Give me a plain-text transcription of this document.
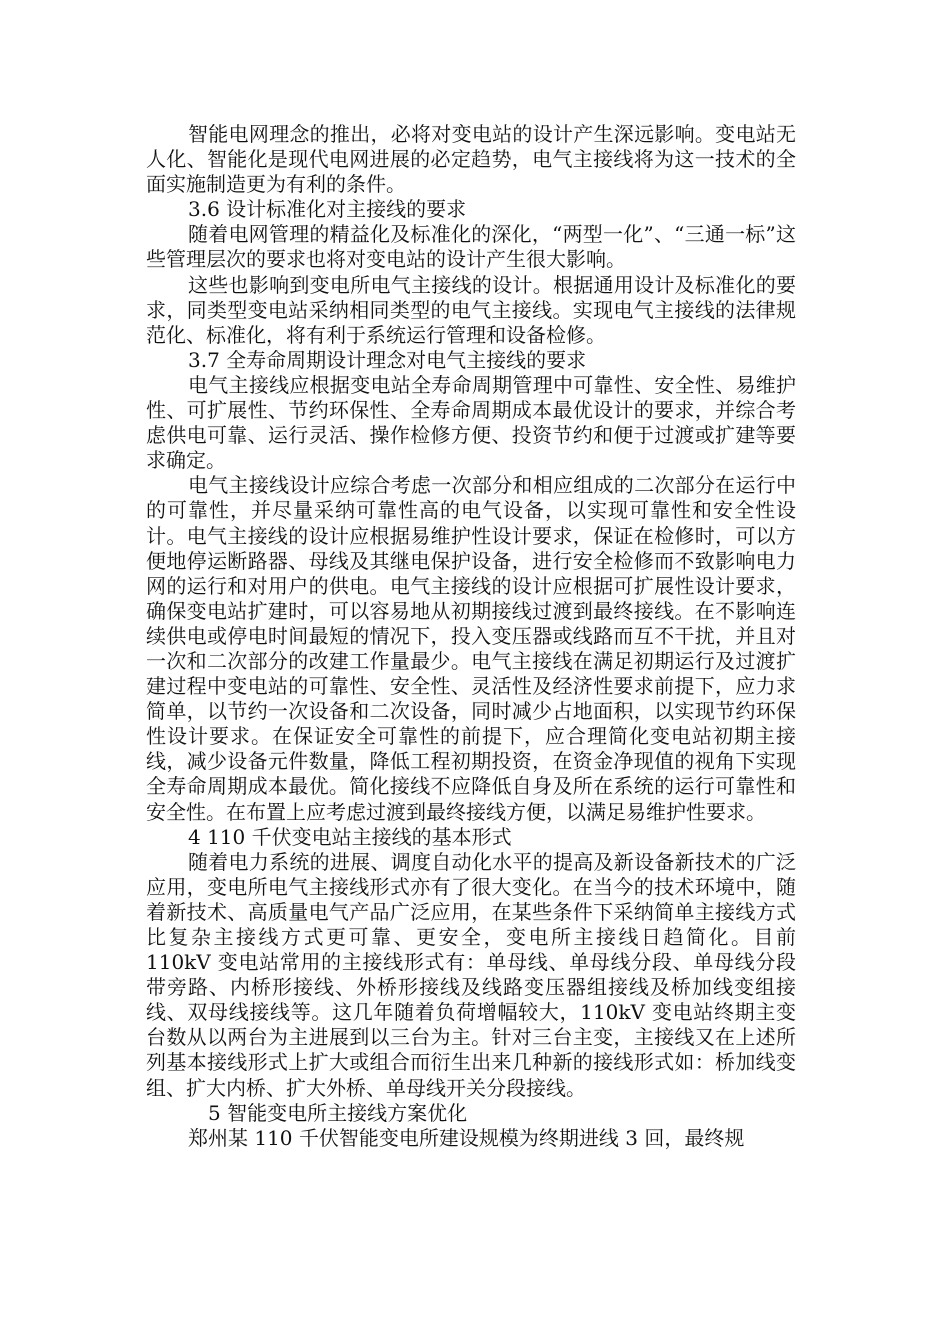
智能电网理念的推出，必将对变电站的设计产生深远影响。变电站无人化、智能化是现代电网进展的必定趋势，电气主接线将为这一技术的全面实施制造更为有利的条件。

3.6 设计标准化对主接线的要求

随着电网管理的精益化及标准化的深化，“两型一化”、“三通一标”这些管理层次的要求也将对变电站的设计产生很大影响。

这些也影响到变电所电气主接线的设计。根据通用设计及标准化的要求，同类型变电站采纳相同类型的电气主接线。实现电气主接线的法律规范化、标准化，将有利于系统运行管理和设备检修。

3.7 全寿命周期设计理念对电气主接线的要求

电气主接线应根据变电站全寿命周期管理中可靠性、安全性、易维护性、可扩展性、节约环保性、全寿命周期成本最优设计的要求，并综合考虑供电可靠、运行灵活、操作检修方便、投资节约和便于过渡或扩建等要求确定。

电气主接线设计应综合考虑一次部分和相应组成的二次部分在运行中的可靠性，并尽量采纳可靠性高的电气设备，以实现可靠性和安全性设计。电气主接线的设计应根据易维护性设计要求，保证在检修时，可以方便地停运断路器、母线及其继电保护设备，进行安全检修而不致影响电力网的运行和对用户的供电。电气主接线的设计应根据可扩展性设计要求，确保变电站扩建时，可以容易地从初期接线过渡到最终接线。在不影响连续供电或停电时间最短的情况下，投入变压器或线路而互不干扰，并且对一次和二次部分的改建工作量最少。电气主接线在满足初期运行及过渡扩建过程中变电站的可靠性、安全性、灵活性及经济性要求前提下，应力求简单，以节约一次设备和二次设备，同时减少占地面积，以实现节约环保性设计要求。在保证安全可靠性的前提下，应合理简化变电站初期主接线，减少设备元件数量，降低工程初期投资，在资金净现值的视角下实现全寿命周期成本最优。简化接线不应降低自身及所在系统的运行可靠性和安全性。在布置上应考虑过渡到最终接线方便，以满足易维护性要求。

4 110 千伏变电站主接线的基本形式

随着电力系统的进展、调度自动化水平的提高及新设备新技术的广泛应用，变电所电气主接线形式亦有了很大变化。在当今的技术环境中，随着新技术、高质量电气产品广泛应用，在某些条件下采纳简单主接线方式比复杂主接线方式更可靠、更安全，变电所主接线日趋简化。目前 110kV 变电站常用的主接线形式有：单母线、单母线分段、单母线分段带旁路、内桥形接线、外桥形接线及线路变压器组接线及桥加线变组接线、双母线接线等。这几年随着负荷增幅较大，110kV 变电站终期主变台数从以两台为主进展到以三台为主。针对三台主变，主接线又在上述所列基本接线形式上扩大或组合而衍生出来几种新的接线形式如：桥加线变组、扩大内桥、扩大外桥、单母线开关分段接线。

5 智能变电所主接线方案优化

郑州某 110 千伏智能变电所建设规模为终期进线 3 回，最终规
